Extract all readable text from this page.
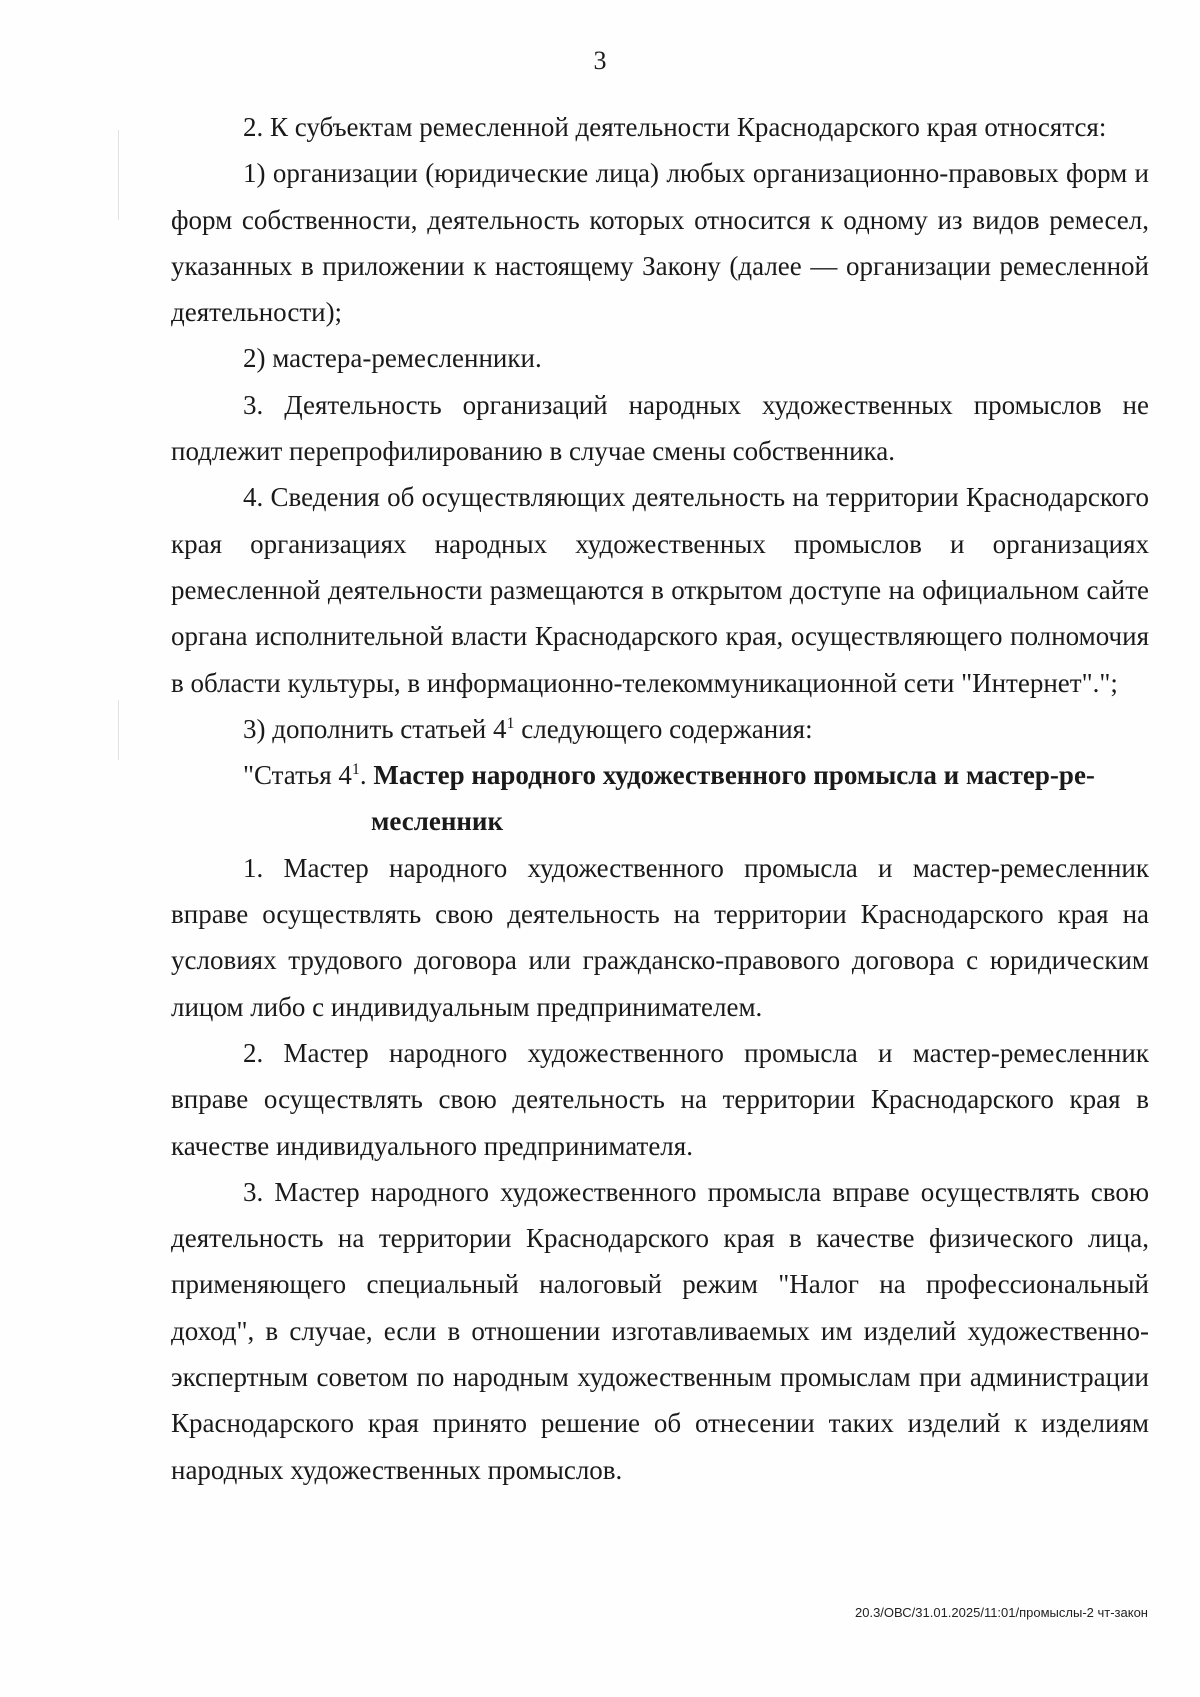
3

2. К субъектам ремесленной деятельности Краснодарского края относятся:

1) организации (юридические лица) любых организационно-правовых форм и форм собственности, деятельность которых относится к одному из видов ремесел, указанных в приложении к настоящему Закону (далее — организации ремесленной деятельности);

2) мастера-ремесленники.

3. Деятельность организаций народных художественных промыслов не подлежит перепрофилированию в случае смены собственника.

4. Сведения об осуществляющих деятельность на территории Краснодарского края организациях народных художественных промыслов и организациях ремесленной деятельности размещаются в открытом доступе на официальном сайте органа исполнительной власти Краснодарского края, осуществляющего полномочия в области культуры, в информационно-телекоммуникационной сети "Интернет".";

3) дополнить статьей $4^1$ следующего содержания:

"Статья $4^1$. Мастер народного художественного промысла и мастер-ре-
месленник

1. Мастер народного художественного промысла и мастер-ремесленник вправе осуществлять свою деятельность на территории Краснодарского края на условиях трудового договора или гражданско-правового договора с юридическим лицом либо с индивидуальным предпринимателем.

2. Мастер народного художественного промысла и мастер-ремесленник вправе осуществлять свою деятельность на территории Краснодарского края в качестве индивидуального предпринимателя.

3. Мастер народного художественного промысла вправе осуществлять свою деятельность на территории Краснодарского края в качестве физического лица, применяющего специальный налоговый режим "Налог на профессиональный доход", в случае, если в отношении изготавливаемых им изделий художественно-экспертным советом по народным художественным промыслам при администрации Краснодарского края принято решение об отнесении таких изделий к изделиям народных художественных промыслов.

20.3/ОВС/31.01.2025/11:01/промыслы-2 чт-закон
